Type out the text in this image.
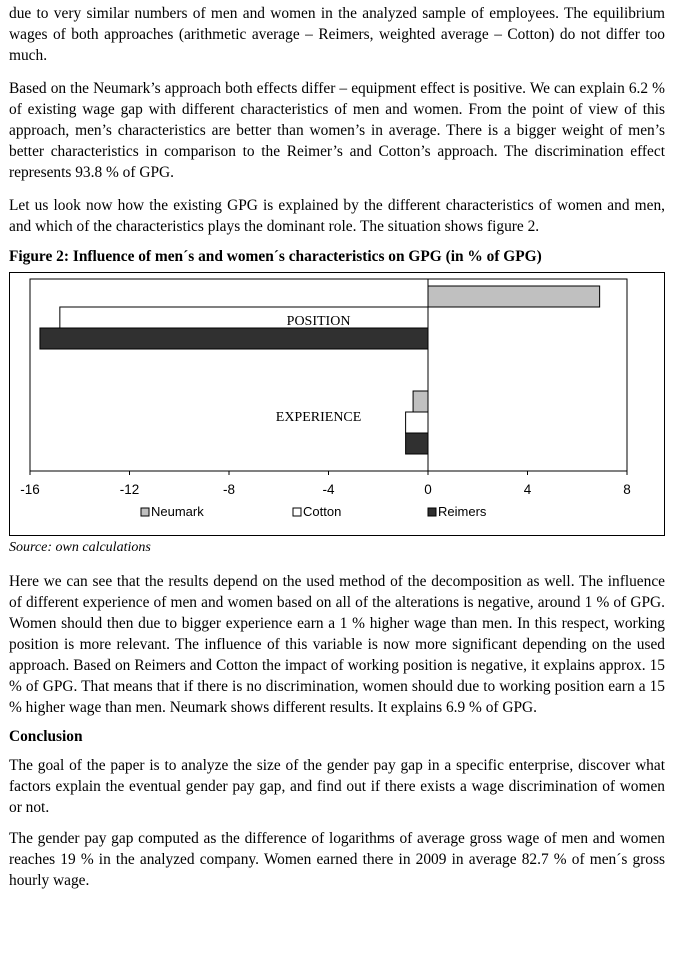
due to very similar numbers of men and women in the analyzed sample of employees. The equilibrium wages of both approaches (arithmetic average – Reimers, weighted average – Cotton) do not differ too much.

Based on the Neumark’s approach both effects differ – equipment effect is positive. We can explain 6.2 % of existing wage gap with different characteristics of men and women. From the point of view of this approach, men’s characteristics are better than women’s in average. There is a bigger weight of men’s better characteristics in comparison to the Reimer’s and Cotton’s approach. The discrimination effect represents 93.8 % of GPG.

Let us look now how the existing GPG is explained by the different characteristics of women and men, and which of the characteristics plays the dominant role. The situation shows figure 2.

Figure 2: Influence of men´s and women´s characteristics on GPG (in % of GPG)
POSITION
EXPERIENCE
-16	-12	-8	-4	0	4	8
Neumark	Cotton	Reimers
Source: own calculations

Here we can see that the results depend on the used method of the decomposition as well. The influence of different experience of men and women based on all of the alterations is negative, around 1 % of GPG. Women should then due to bigger experience earn a 1 % higher wage than men. In this respect, working position is more relevant. The influence of this variable is now more significant depending on the used approach. Based on Reimers and Cotton the impact of working position is negative, it explains approx. 15 % of GPG. That means that if there is no discrimination, women should due to working position earn a 15 % higher wage than men. Neumark shows different results. It explains 6.9 % of GPG.

Conclusion

The goal of the paper is to analyze the size of the gender pay gap in a specific enterprise, discover what factors explain the eventual gender pay gap, and find out if there exists a wage discrimination of women or not.

The gender pay gap computed as the difference of logarithms of average gross wage of men and women reaches 19 % in the analyzed company. Women earned there in 2009 in average 82.7 % of men´s gross hourly wage.
